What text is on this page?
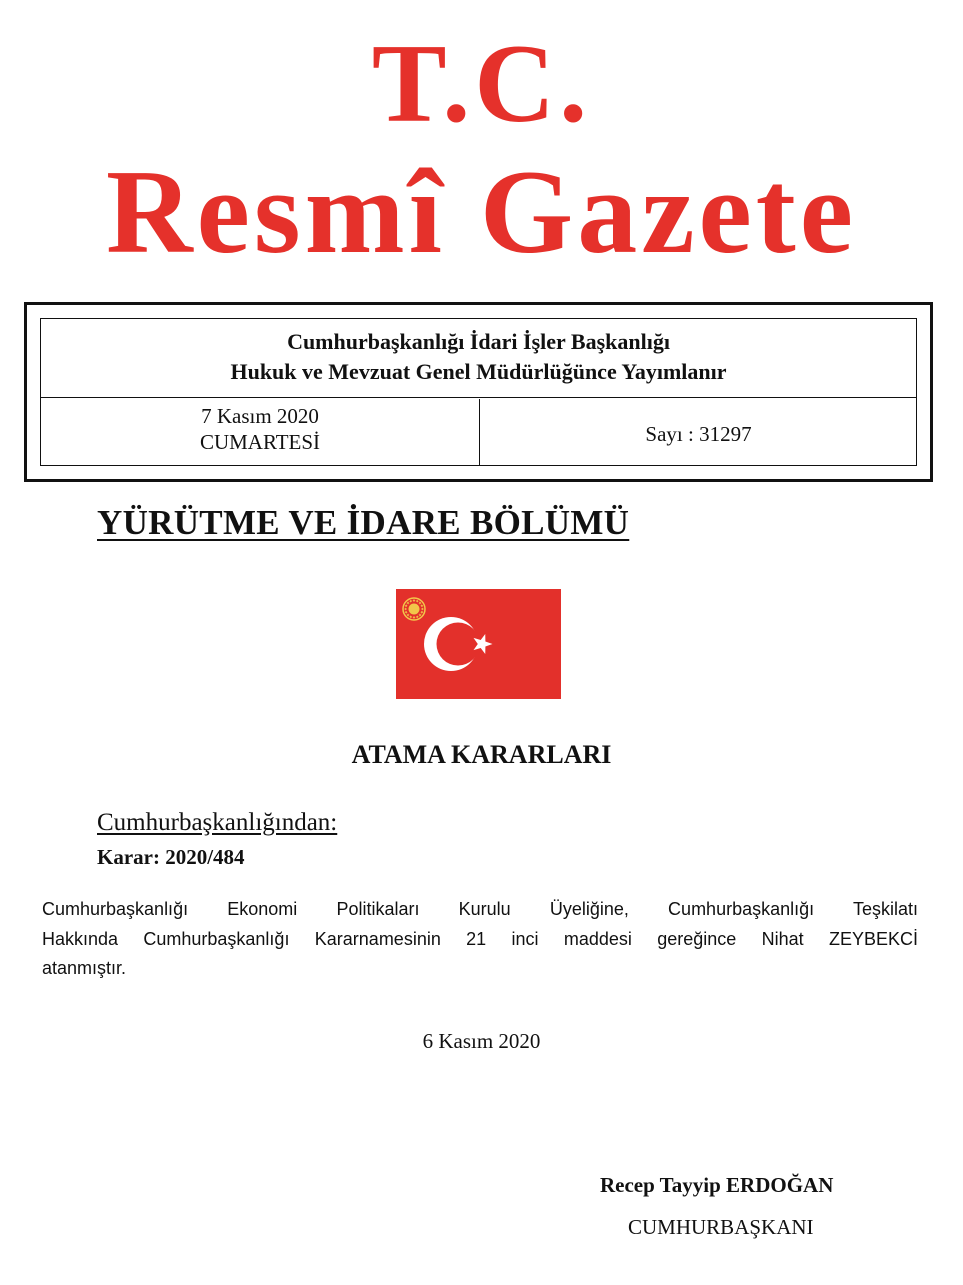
T.C.
Resmî Gazete
Cumhurbaşkanlığı İdari İşler Başkanlığı
Hukuk ve Mevzuat Genel Müdürlüğünce Yayımlanır
7 Kasım 2020
CUMARTESİ	Sayı : 31297
YÜRÜTME VE İDARE BÖLÜMÜ
ATAMA KARARLARI
Cumhurbaşkanlığından:
Karar: 2020/484
Cumhurbaşkanlığı Ekonomi Politikaları Kurulu Üyeliğine, Cumhurbaşkanlığı Teşkilatı
Hakkında Cumhurbaşkanlığı Kararnamesinin 21 inci maddesi gereğince Nihat ZEYBEKCİ
atanmıştır.
6 Kasım 2020
Recep Tayyip ERDOĞAN
CUMHURBAŞKANI
